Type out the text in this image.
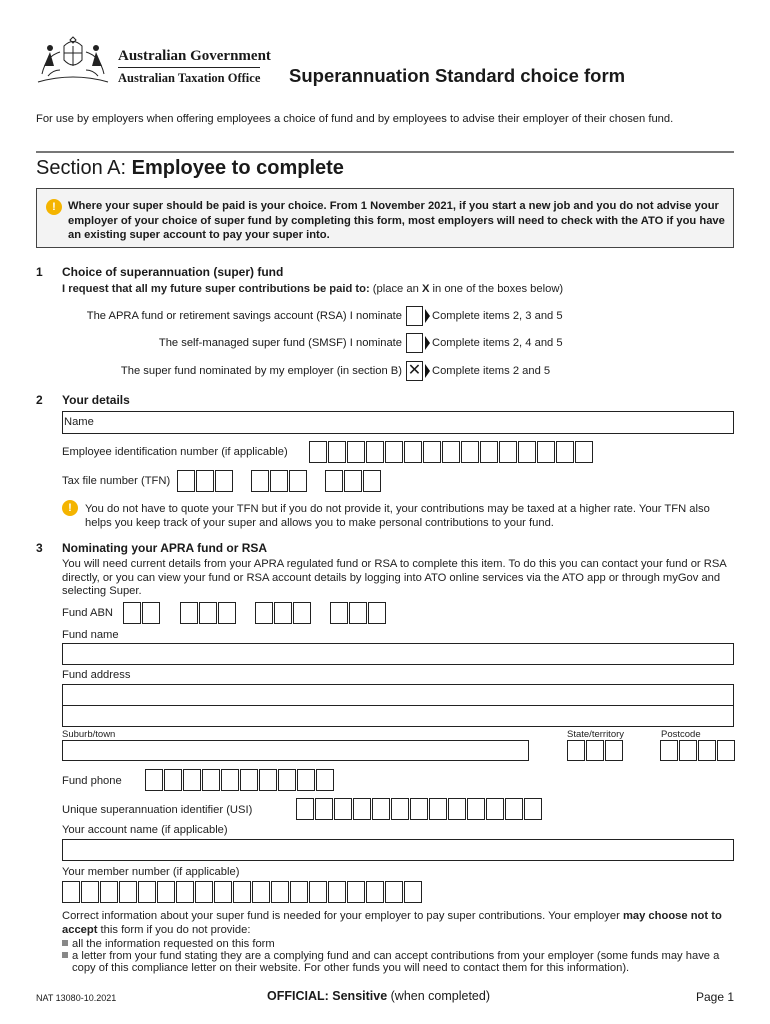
Australian Government
Australian Taxation Office Superannuation Standard choice form
For use by employers when offering employees a choice of fund and by employees to advise their employer of their chosen fund.
Section A: Employee to complete
!	Where your super should be paid is your choice. From 1 November 2021, if you start a new job and you do not advise your employer of your choice of super fund by completing this form, most employers will need to check with the ATO if you have an existing super account to pay your super into.

1 Choice of superannuation (super) fund
I request that all my future super contributions be paid to: (place an X in one of the boxes below)
The APRA fund or retirement savings account (RSA) I nominate	Complete items 2, 3 and 5
The self-managed super fund (SMSF) I nominate	Complete items 2, 4 and 5
The super fund nominated by my employer (in section B) ✕ Complete items 2 and 5
2 Your details
Name
Employee identification number (if applicable)
Tax file number (TFN)
!	You do not have to quote your TFN but if you do not provide it, your contributions may be taxed at a higher rate. Your TFN also helps you keep track of your super and allows you to make personal contributions to your fund.
3 Nominating your APRA fund or RSA
You will need current details from your APRA regulated fund or RSA to complete this item. To do this you can contact your fund or RSA directly, or you can view your fund or RSA account details by logging into ATO online services via the ATO app or through myGov and selecting Super.
Fund ABN
Fund name
Fund address
Suburb/town	State/territory	Postcode
Fund phone
Unique superannuation identifier (USI)
Your account name (if applicable)
Your member number (if applicable)
Correct information about your super fund is needed for your employer to pay super contributions. Your employer may choose not to accept this form if you do not provide:
all the information requested on this form
a letter from your fund stating they are a complying fund and can accept contributions from your employer (some funds may have a copy of this compliance letter on their website. For other funds you will need to contact them for this information).
NAT 13080-10.2021	OFFICIAL: Sensitive (when completed)	Page 1
